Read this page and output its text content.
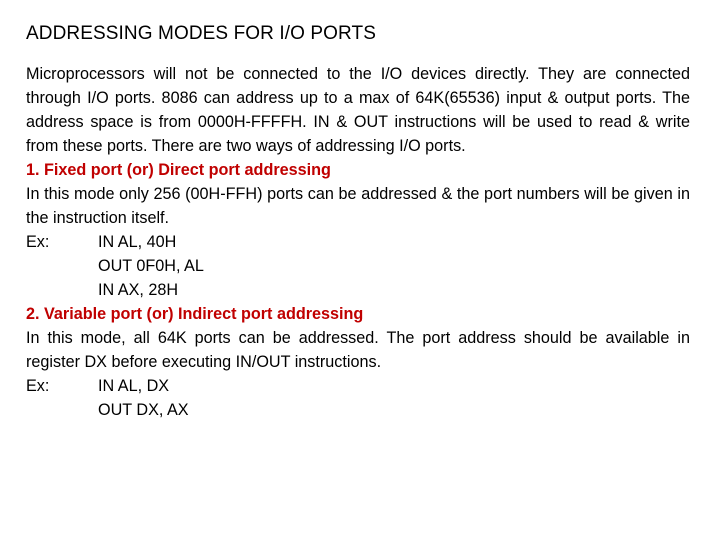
ADDRESSING MODES FOR I/O PORTS

Microprocessors will not be connected to the I/O devices directly. They are connected through I/O ports. 8086 can address up to a max of 64K(65536) input & output ports. The address space is from 0000H-FFFFH. IN & OUT instructions will be used to read & write from these ports. There are two ways of addressing I/O ports.

1. Fixed port (or) Direct port addressing

In this mode only 256 (00H-FFH) ports can be addressed & the port numbers will be given in the instruction itself.

Ex:	IN AL, 40H
OUT 0F0H, AL
IN AX, 28H
2. Variable port (or) Indirect port addressing

In this mode, all 64K ports can be addressed. The port address should be available in register DX before executing IN/OUT instructions.

Ex:	IN AL, DX
OUT DX, AX
